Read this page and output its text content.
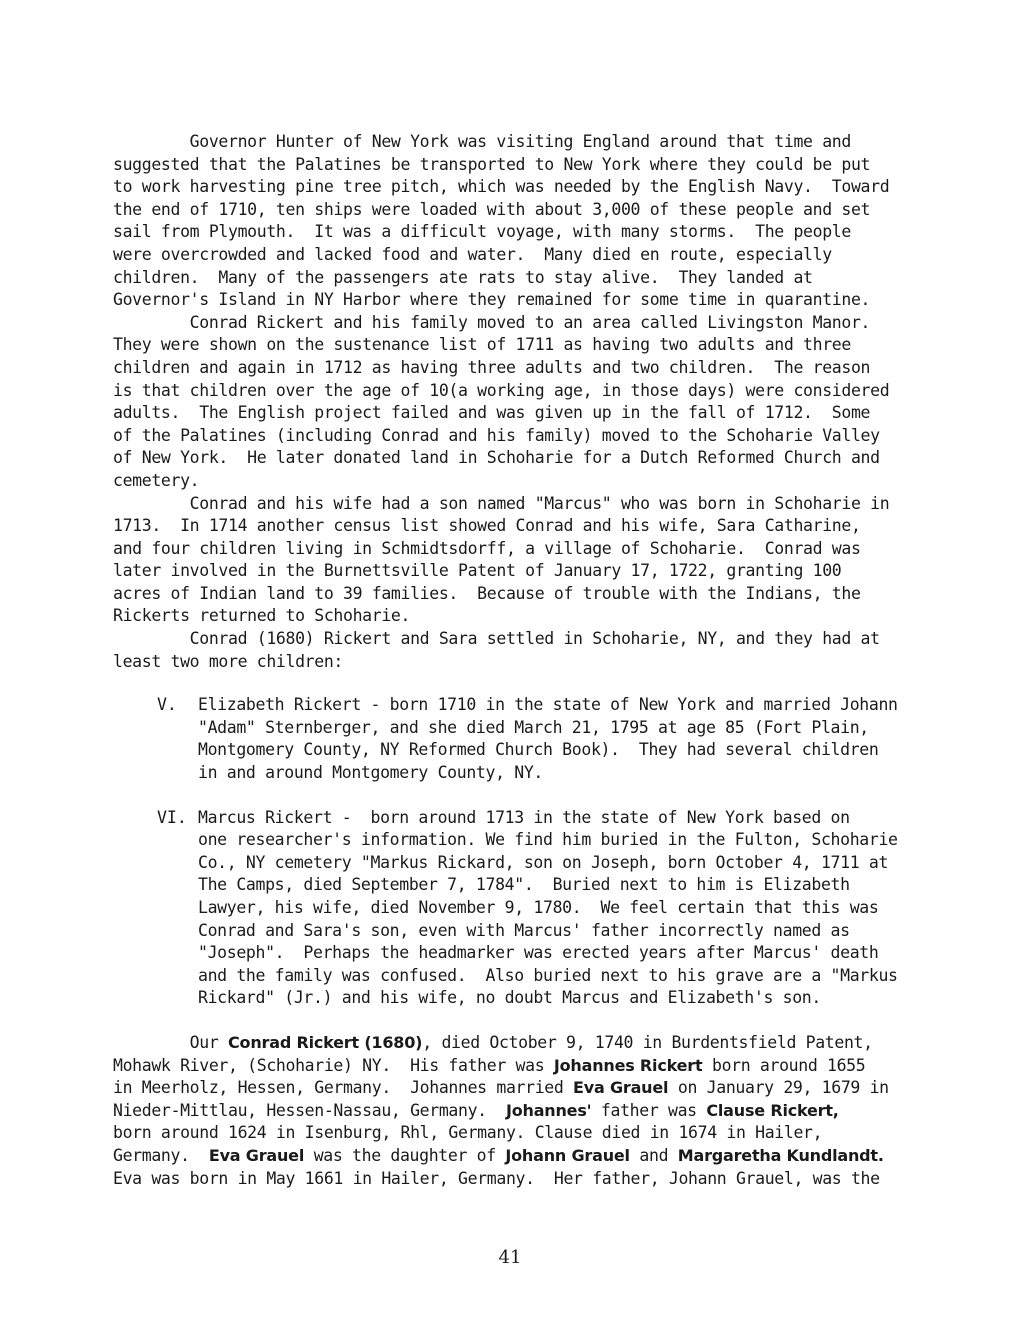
Governor Hunter of New York was visiting England around that time and
suggested that the Palatines be transported to New York where they could be put
to work harvesting pine tree pitch, which was needed by the English Navy.  Toward
the end of 1710, ten ships were loaded with about 3,000 of these people and set
sail from Plymouth.  It was a difficult voyage, with many storms.  The people
were overcrowded and lacked food and water.  Many died en route, especially
children.  Many of the passengers ate rats to stay alive.  They landed at
Governor's Island in NY Harbor where they remained for some time in quarantine.

Conrad Rickert and his family moved to an area called Livingston Manor.
They were shown on the sustenance list of 1711 as having two adults and three
children and again in 1712 as having three adults and two children.  The reason
is that children over the age of 10(a working age, in those days) were considered
adults.  The English project failed and was given up in the fall of 1712.  Some
of the Palatines (including Conrad and his family) moved to the Schoharie Valley
of New York.  He later donated land in Schoharie for a Dutch Reformed Church and
cemetery.

Conrad and his wife had a son named "Marcus" who was born in Schoharie in
1713.  In 1714 another census list showed Conrad and his wife, Sara Catharine,
and four children living in Schmidtsdorff, a village of Schoharie.  Conrad was
later involved in the Burnettsville Patent of January 17, 1722, granting 100
acres of Indian land to 39 families.  Because of trouble with the Indians, the
Rickerts returned to Schoharie.

Conrad (1680) Rickert and Sara settled in Schoharie, NY, and they had at
least two more children:

V. Elizabeth Rickert - born 1710 in the state of New York and married Johann
"Adam" Sternberger, and she died March 21, 1795 at age 85 (Fort Plain,
Montgomery County, NY Reformed Church Book).  They had several children
in and around Montgomery County, NY.

VI. Marcus Rickert -  born around 1713 in the state of New York based on
one researcher's information. We find him buried in the Fulton, Schoharie
Co., NY cemetery "Markus Rickard, son on Joseph, born October 4, 1711 at
The Camps, died September 7, 1784".  Buried next to him is Elizabeth
Lawyer, his wife, died November 9, 1780.  We feel certain that this was
Conrad and Sara's son, even with Marcus' father incorrectly named as
"Joseph".  Perhaps the headmarker was erected years after Marcus' death
and the family was confused.  Also buried next to his grave are a "Markus
Rickard" (Jr.) and his wife, no doubt Marcus and Elizabeth's son.

Our Conrad Rickert (1680), died October 9, 1740 in Burdentsfield Patent,
Mohawk River, (Schoharie) NY.  His father was Johannes Rickert born around 1655
in Meerholz, Hessen, Germany.  Johannes married Eva Grauel on January 29, 1679 in
Nieder-Mittlau, Hessen-Nassau, Germany.  Johannes' father was Clause Rickert,
born around 1624 in Isenburg, Rhl, Germany. Clause died in 1674 in Hailer,
Germany.  Eva Grauel was the daughter of Johann Grauel and Margaretha Kundlandt.
Eva was born in May 1661 in Hailer, Germany.  Her father, Johann Grauel, was the

41
